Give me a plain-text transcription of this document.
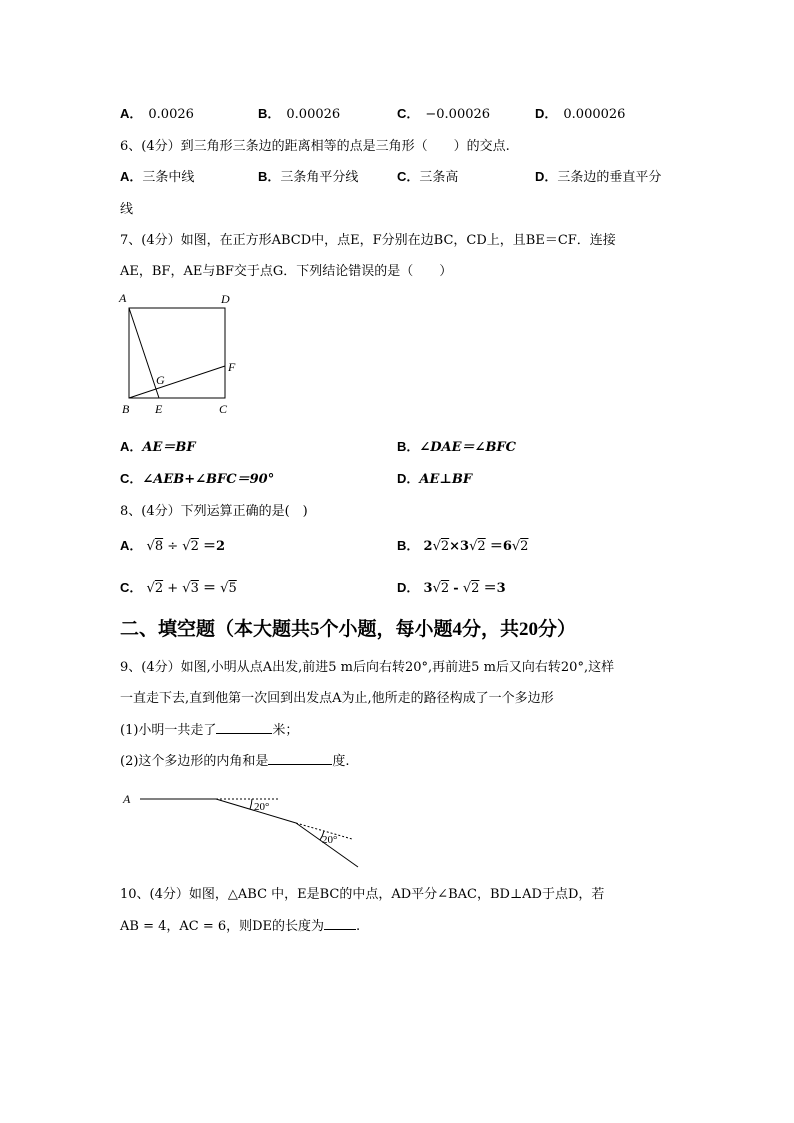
A． 0.0026	B． 0.00026	C． −0.00026	D． 0.000026
6、(4分）到三角形三条边的距离相等的点是三角形（　　）的交点.
A．三条中线	B．三条角平分线	C．三条高	D．三条边的垂直平分
线
7、(4分）如图，在正方形ABCD中，点E，F分别在边BC，CD上，且BE＝CF．连接
AE，BF，AE与BF交于点G．下列结论错误的是（　　）
A	D
F
G
B E	C
A．AE＝BF	B．∠DAE＝∠BFC
C．∠AEB+∠BFC＝90°	D．AE⊥BF
8、(4分）下列运算正确的是(　)
A． √8 ÷ √2 ＝2	B． 2√2×3√2 ＝6√2
C． √2 + √3 ＝ √5	D． 3√2 - √2 ＝3
二、填空题（本大题共5个小题，每小题4分，共20分）
9、(4分）如图,小明从点A出发,前进5 m后向右转20°,再前进5 m后又向右转20°,这样
一直走下去,直到他第一次回到出发点A为止,他所走的路径构成了一个多边形
(1)小明一共走了	米；
(2)这个多边形的内角和是	度.
A
20°
20°
10、(4分）如图，△ABC 中，E是BC的中点，AD平分∠BAC，BD⊥AD于点D，若
AB = 4，AC = 6，则DE的长度为 .
